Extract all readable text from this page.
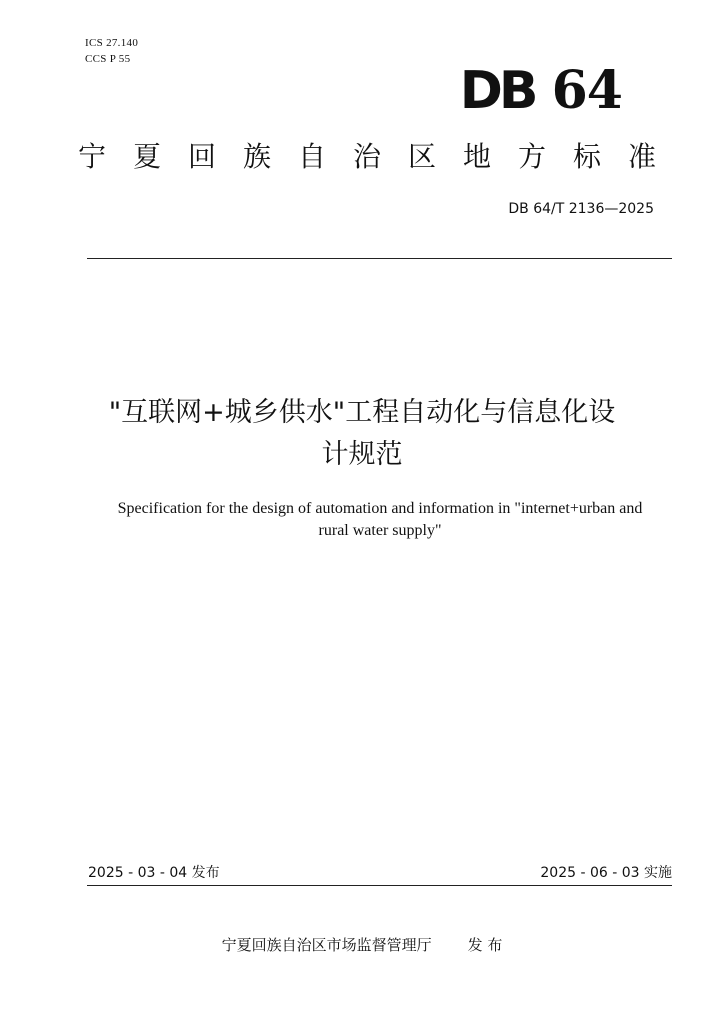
ICS 27.140
CCS P 55
DB 64
宁夏回族自治区地方标准
DB 64/T 2136—2025
"互联网+城乡供水"工程自动化与信息化设
计规范
Specification for the design of automation and information in "internet+urban and
rural water supply"
2025 - 03 - 04 发布	2025 - 06 - 03 实施
宁夏回族自治区市场监督管理厅 发 布
